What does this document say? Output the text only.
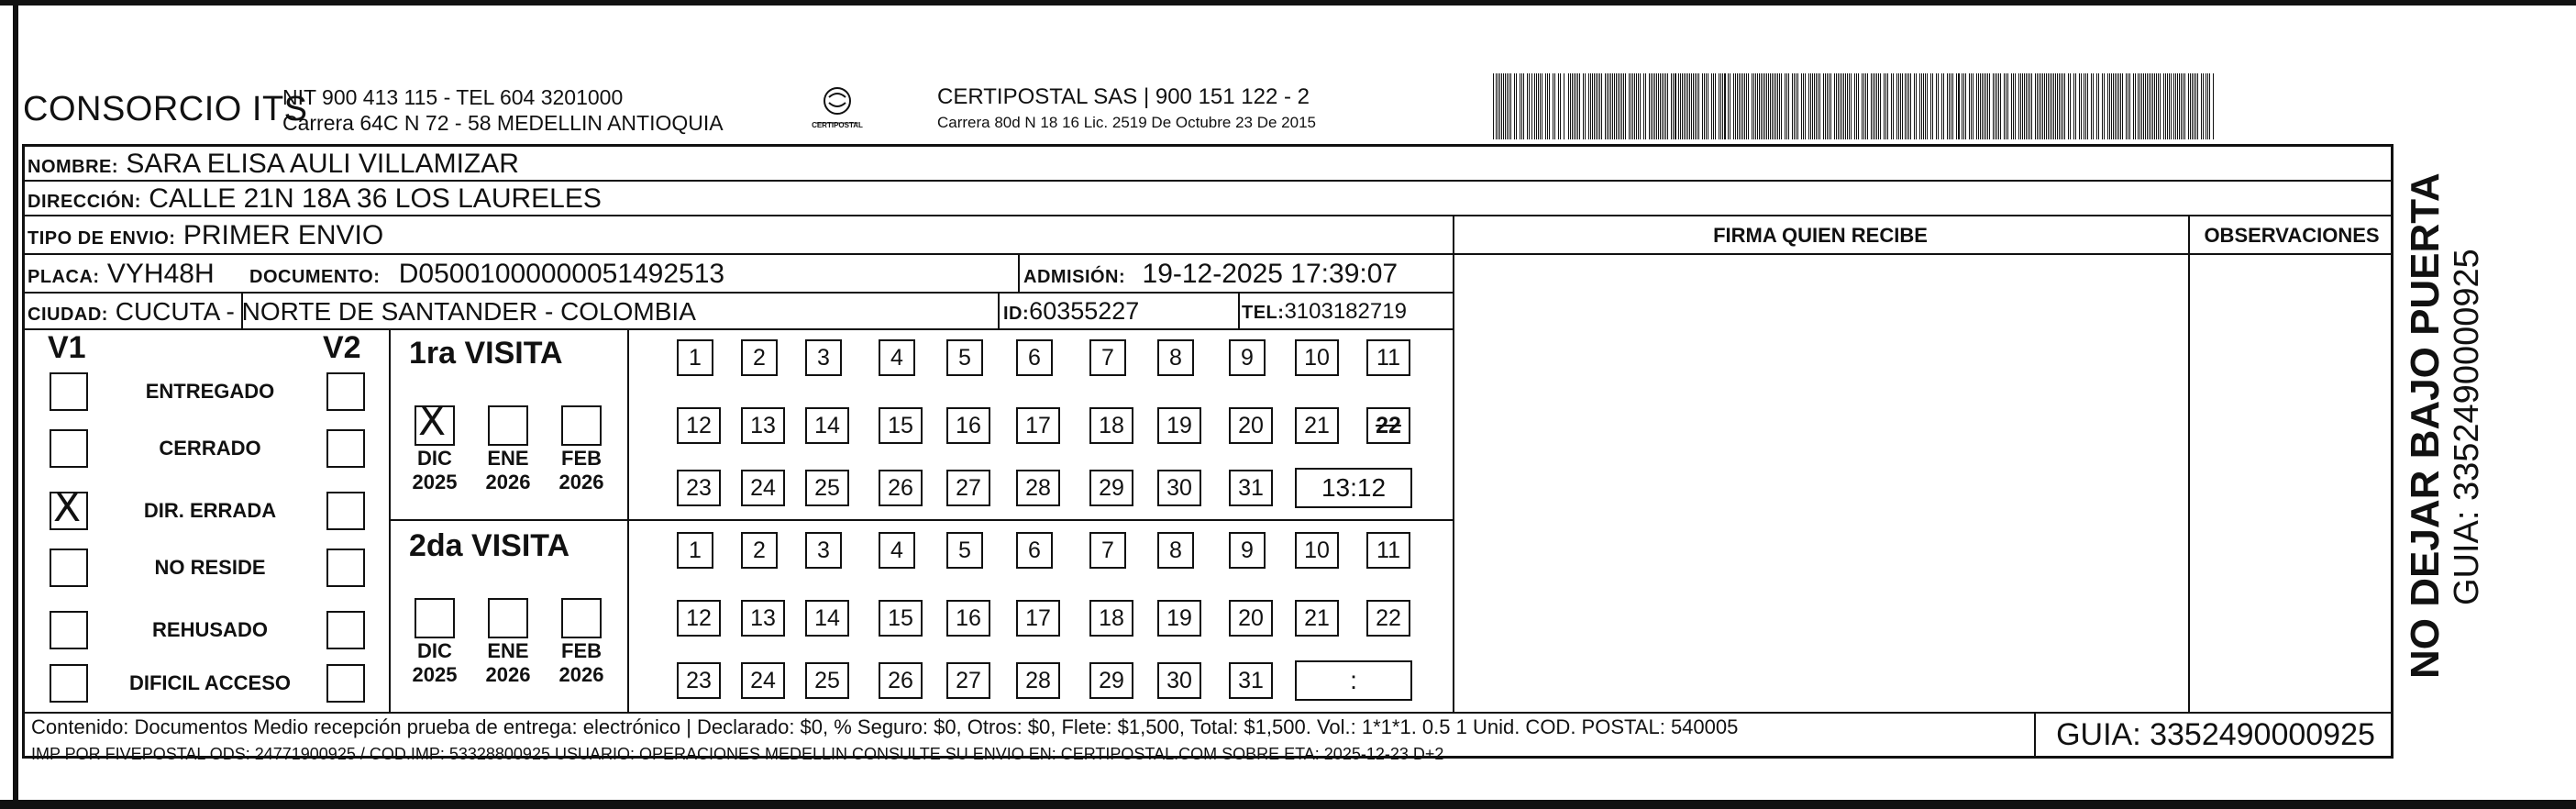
CONSORCIO ITS
NIT 900 413 115 - TEL 604 3201000
Carrera 64C N 72 - 58 MEDELLIN ANTIOQUIA	CERTIPOSTAL
CERTIPOSTAL SAS | 900 151 122 - 2
Carrera 80d N 18 16 Lic. 2519 De Octubre 23 De 2015
NOMBRE: SARA ELISA AULI VILLAMIZAR
DIRECCIÓN: CALLE 21N 18A 36 LOS LAURELES
TIPO DE ENVIO: PRIMER ENVIO
PLACA: VYH48H DOCUMENTO: D05001000000051492513	ADMISIÓN: 19-12-2025 17:39:07
CIUDAD: CUCUTA - NORTE DE SANTANDER - COLOMBIA	ID:60355227	TEL:3103182719
FIRMA QUIEN RECIBE	OBSERVACIONES
V1	V2
ENTREGADO
CERRADO
X	DIR. ERRADA
NO RESIDE
REHUSADO
DIFICIL ACCESO
1ra VISITA
X
DIC
2025
ENE
2026
FEB
2026
1	2	3	4	5	6	7	8	9	10	11
12	13	14	15	16	17	18	19	20	21	22
23	24	25	26	27	28	29	30	31	13:12
2da VISITA
DIC
2025
ENE
2026
FEB
2026
1	2	3	4	5	6	7	8	9	10	11
12	13	14	15	16	17	18	19	20	21	22
23	24	25	26	27	28	29	30	31	:
Contenido: Documentos Medio recepción prueba de entrega: electrónico | Declarado: $0, % Seguro: $0, Otros: $0, Flete: $1,500, Total: $1,500. Vol.: 1*1*1. 0.5 1 Unid. COD. POSTAL: 540005
IMP POR FIVEPOSTAL ODS: 24771900925 / COD.IMP: 53328800925 USUARIO: OPERACIONES MEDELLIN CONSULTE SU ENVIO EN: CERTIPOSTAL.COM SOBRE ETA: 2025-12-23 D+2
GUIA: 3352490000925
NO DEJAR BAJO PUERTA GUIA: 3352490000925
